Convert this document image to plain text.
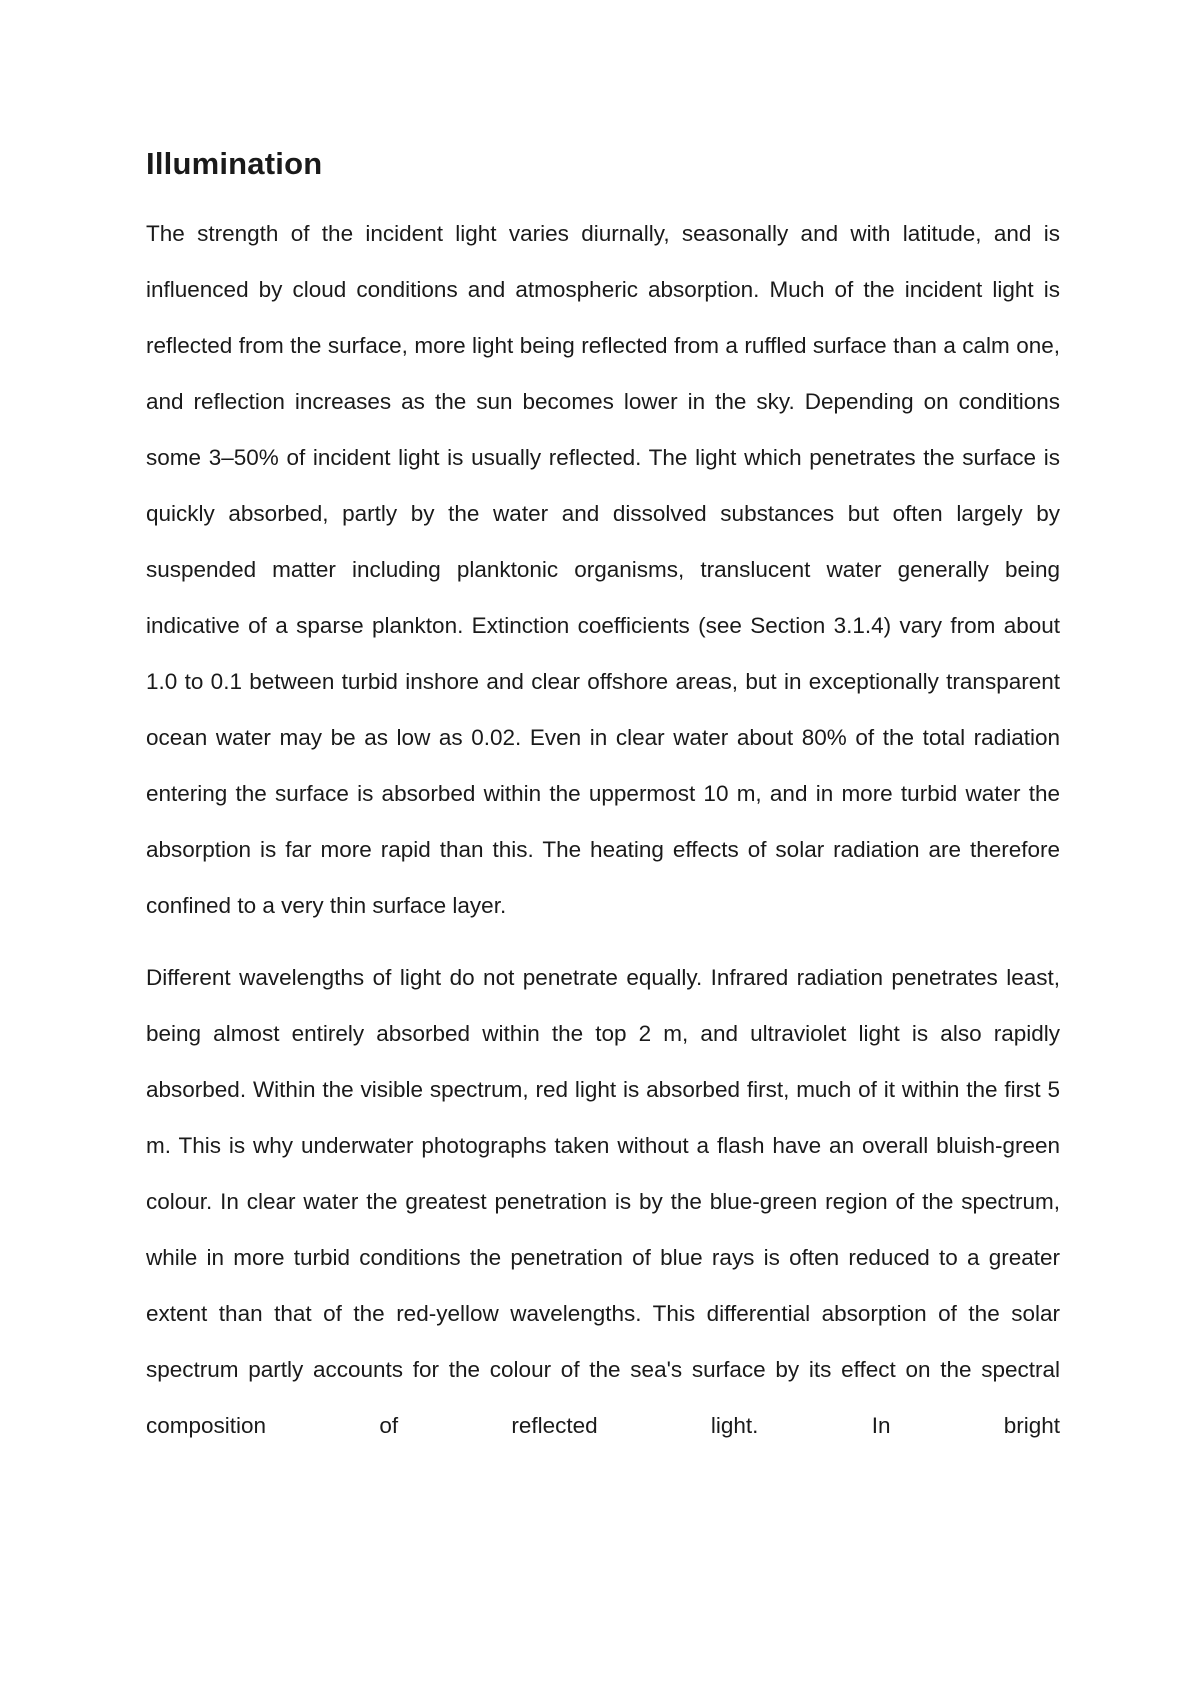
Illumination

The strength of the incident light varies diurnally, seasonally and with latitude, and is influenced by cloud conditions and atmospheric absorption. Much of the incident light is reflected from the surface, more light being reflected from a ruffled surface than a calm one, and reflection increases as the sun becomes lower in the sky. Depending on conditions some 3–50% of incident light is usually reflected. The light which penetrates the surface is quickly absorbed, partly by the water and dissolved substances but often largely by suspended matter including planktonic organisms, translucent water generally being indicative of a sparse plankton. Extinction coefficients (see Section 3.1.4) vary from about 1.0 to 0.1 between turbid inshore and clear offshore areas, but in exceptionally transparent ocean water may be as low as 0.02. Even in clear water about 80% of the total radiation entering the surface is absorbed within the uppermost 10 m, and in more turbid water the absorption is far more rapid than this. The heating effects of solar radiation are therefore confined to a very thin surface layer.

Different wavelengths of light do not penetrate equally. Infrared radiation penetrates least, being almost entirely absorbed within the top 2 m, and ultraviolet light is also rapidly absorbed. Within the visible spectrum, red light is absorbed first, much of it within the first 5 m. This is why underwater photographs taken without a flash have an overall bluish-green colour. In clear water the greatest penetration is by the blue-green region of the spectrum, while in more turbid conditions the penetration of blue rays is often reduced to a greater extent than that of the red-yellow wavelengths. This differential absorption of the solar spectrum partly accounts for the colour of the sea's surface by its effect on the spectral composition of reflected light. In bright
